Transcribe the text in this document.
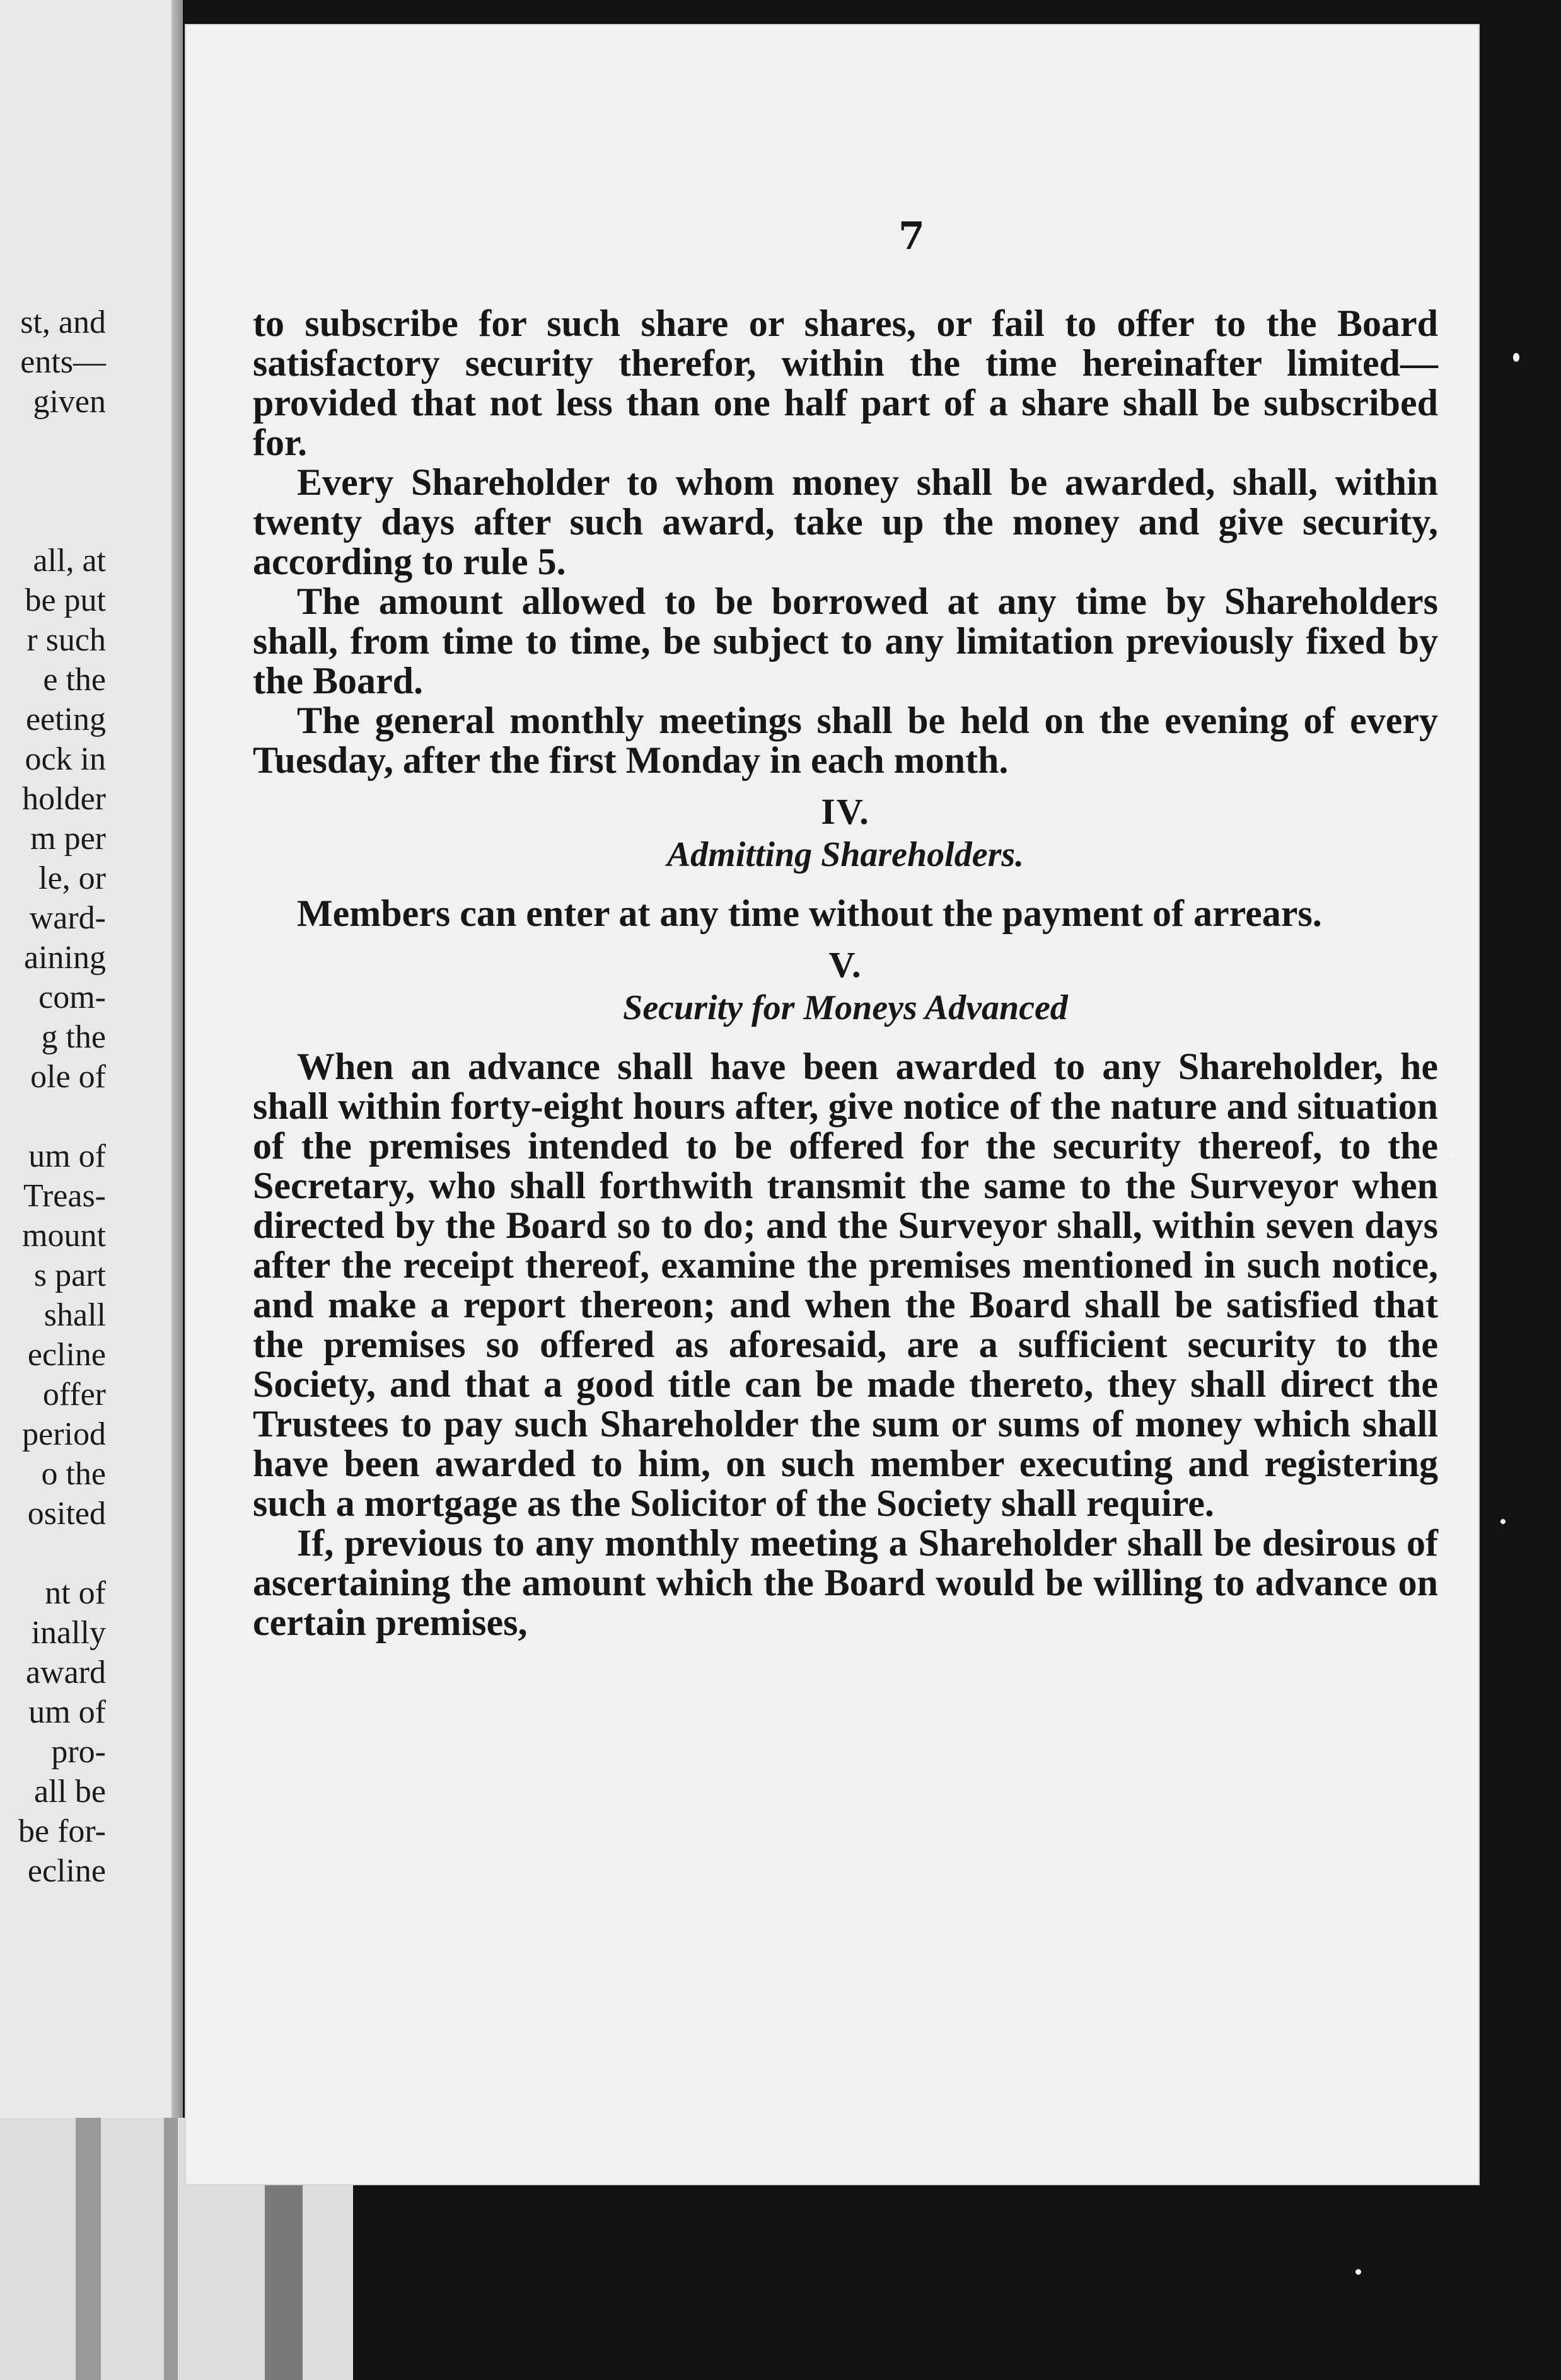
st, and
ents—
given
all, at
be put
r such
e the
eeting
ock in
holder
m per
le, or
ward-
aining
com-
g the
ole of
um of
Treas-
mount
s part
shall
ecline
offer
period
o the
osited
nt of
inally
award
um of
pro-
all be
be for-
ecline
7

to subscribe for such share or shares, or fail to offer to the Board satisfactory security therefor, within the time hereinafter limited—provided that not less than one half part of a share shall be subscribed for.

Every Shareholder to whom money shall be awarded, shall, within twenty days after such award, take up the money and give security, according to rule 5.

The amount allowed to be borrowed at any time by Shareholders shall, from time to time, be subject to any limitation previously fixed by the Board.

The general monthly meetings shall be held on the evening of every Tuesday, after the first Monday in each month.

IV.
Admitting Shareholders.

Members can enter at any time without the payment of arrears.

V.
Security for Moneys Advanced

When an advance shall have been awarded to any Shareholder, he shall within forty-eight hours after, give notice of the nature and situation of the premises intended to be offered for the security thereof, to the Secretary, who shall forthwith transmit the same to the Surveyor when directed by the Board so to do; and the Surveyor shall, within seven days after the receipt thereof, examine the premises mentioned in such notice, and make a report thereon; and when the Board shall be satisfied that the premises so offered as aforesaid, are a sufficient security to the Society, and that a good title can be made thereto, they shall direct the Trustees to pay such Shareholder the sum or sums of money which shall have been awarded to him, on such member executing and registering such a mortgage as the Solicitor of the Society shall require.

If, previous to any monthly meeting a Shareholder shall be desirous of ascertaining the amount which the Board would be willing to advance on certain premises,
